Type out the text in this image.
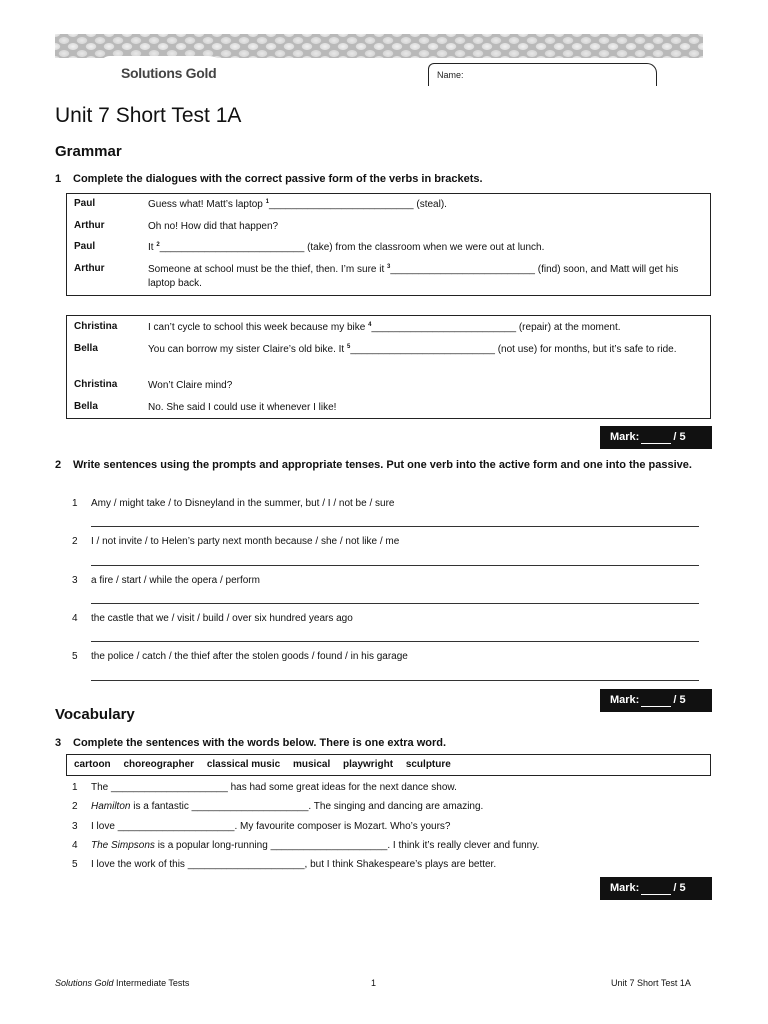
Solutions Gold	Name:
Unit 7 Short Test 1A
Grammar
1 Complete the dialogues with the correct passive form of the verbs in brackets.
Paul	Guess what! Matt’s laptop $^1$__________________________ (steal).
Arthur	Oh no! How did that happen?
Paul	It $^2$__________________________ (take) from the classroom when we were out at lunch.
Arthur	Someone at school must be the thief, then. I’m sure it $^3$__________________________ (find) soon, and Matt will get his laptop back.
Christina	I can’t cycle to school this week because my bike $^4$__________________________ (repair) at the moment.
Bella	You can borrow my sister Claire’s old bike. It $^5$__________________________ (not use) for months, but it’s safe to ride.
Christina	Won’t Claire mind?
Bella	No. She said I could use it whenever I like!
Mark:	/ 5
2 Write sentences using the prompts and appropriate tenses. Put one verb into the active form and one into the passive.
1 Amy / might take / to Disneyland in the summer, but / I / not be / sure
2 I / not invite / to Helen’s party next month because / she / not like / me
3 a fire / start / while the opera / perform
4 the castle that we / visit / build / over six hundred years ago
5 the police / catch / the thief after the stolen goods / found / in his garage
Mark:	/ 5
Vocabulary
3 Complete the sentences with the words below. There is one extra word.
cartoon choreographer classical music musical playwright sculpture
1 The _____________________ has had some great ideas for the next dance show.
2 Hamilton is a fantastic _____________________. The singing and dancing are amazing.
3 I love _____________________. My favourite composer is Mozart. Who’s yours?
4 The Simpsons is a popular long-running _____________________. I think it’s really clever and funny.
5 I love the work of this _____________________, but I think Shakespeare’s plays are better.
Mark:	/ 5
Solutions Gold Intermediate Tests	1	Unit 7 Short Test 1A
